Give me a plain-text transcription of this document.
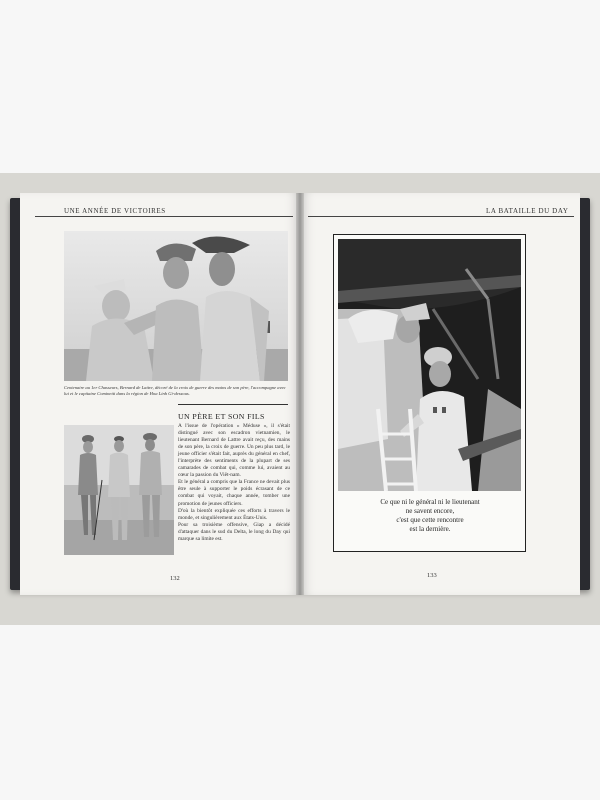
UNE ANNÉE DE VICTOIRES	LA BATAILLE DU DAY
Centenaire au 1er Chasseurs, Bernard de Lattre, décoré de la croix de guerre des mains de son père, l'accompagne avec lui et le capitaine Cominetti dans la région de Hoa Linh Gi-dessous.
UN PÈRE ET SON FILS
A l'issue de l'opération « Méduse », il s'était distingué avec son escadron vietnamien, le lieutenant Bernard de Lattre avait reçu, des mains de son père, la croix de guerre. Un peu plus tard, le jeune officier s'était fait, auprès du général en chef, l'interprète des sentiments de la plupart de ses camarades de combat qui, comme lui, avaient au cœur la passion du Viêt-nam.
Et le général a compris que la France ne devait plus être seule à supporter le poids écrasant de ce combat qui voyait, chaque année, tomber une promotion de jeunes officiers.
D'où la bientôt expliquée ces efforts à travers le monde, et singulièrement aux États-Unis.
Pour sa troisième offensive, Giap a décidé d'attaquer dans le sud du Delta, le long du Day qui marque sa limite est.
132
Ce que ni le général ni le lieutenant
ne savent encore,
c'est que cette rencontre
est la dernière.
133
